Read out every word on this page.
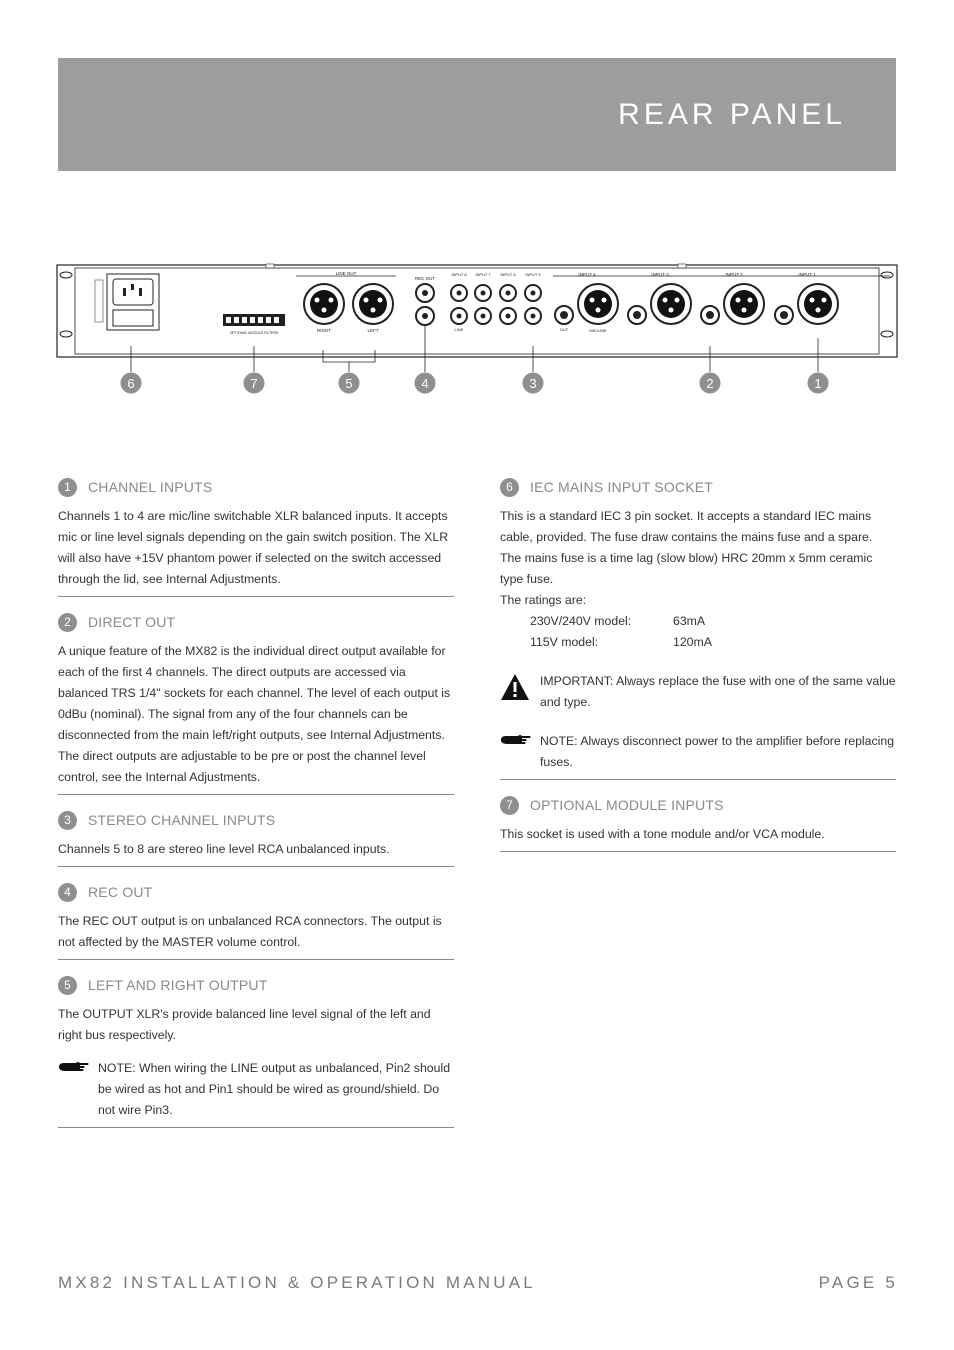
REAR PANEL
OPTIONAL MODULE FILTERS
LINE OUT
RIGHT	LEFT
REC OUT
INPUT 8 INPUT 7 INPUT 6 INPUT 5
LINE
INPUT 4	INPUT 3	INPUT 2	INPUT 1
OUT	MIC/LINE
6	7	5	4	3	2	1
1	CHANNEL INPUTS

Channels 1 to 4 are mic/line switchable XLR balanced inputs. It accepts mic or line level signals depending on the gain switch position. The XLR will also have +15V phantom power if selected on the switch accessed through the lid, see Internal Adjustments.

2	DIRECT OUT

A unique feature of the MX82 is the individual direct output available for each of the first 4 channels. The direct outputs are accessed via balanced TRS 1/4" sockets for each channel. The level of each output is 0dBu (nominal). The signal from any of the four channels can be disconnected from the main left/right outputs, see Internal Adjustments. The direct outputs are adjustable to be pre or post the channel level control, see the Internal Adjustments.

3	STEREO CHANNEL INPUTS

Channels 5 to 8 are stereo line level RCA unbalanced inputs.

4	REC OUT

The REC OUT output is on unbalanced RCA connectors. The output is not affected by the MASTER volume control.

5	LEFT AND RIGHT OUTPUT

The OUTPUT XLR's provide balanced line level signal of the left and right bus respectively.

NOTE: When wiring the LINE output as unbalanced, Pin2 should be wired as hot and Pin1 should be wired as ground/shield. Do not wire Pin3.
6	IEC MAINS INPUT SOCKET

This is a standard IEC 3 pin socket. It accepts a standard IEC mains cable, provided. The fuse draw contains the mains fuse and a spare. The mains fuse is a time lag (slow blow) HRC 20mm x 5mm ceramic type fuse.

The ratings are:

230V/240V model:	63mA
115V model:	120mA
IMPORTANT: Always replace the fuse with one of the same value and type.
NOTE: Always disconnect power to the amplifier before replacing fuses.
7	OPTIONAL MODULE INPUTS

This socket is used with a tone module and/or VCA module.

MX82 INSTALLATION & OPERATION MANUAL	PAGE 5
